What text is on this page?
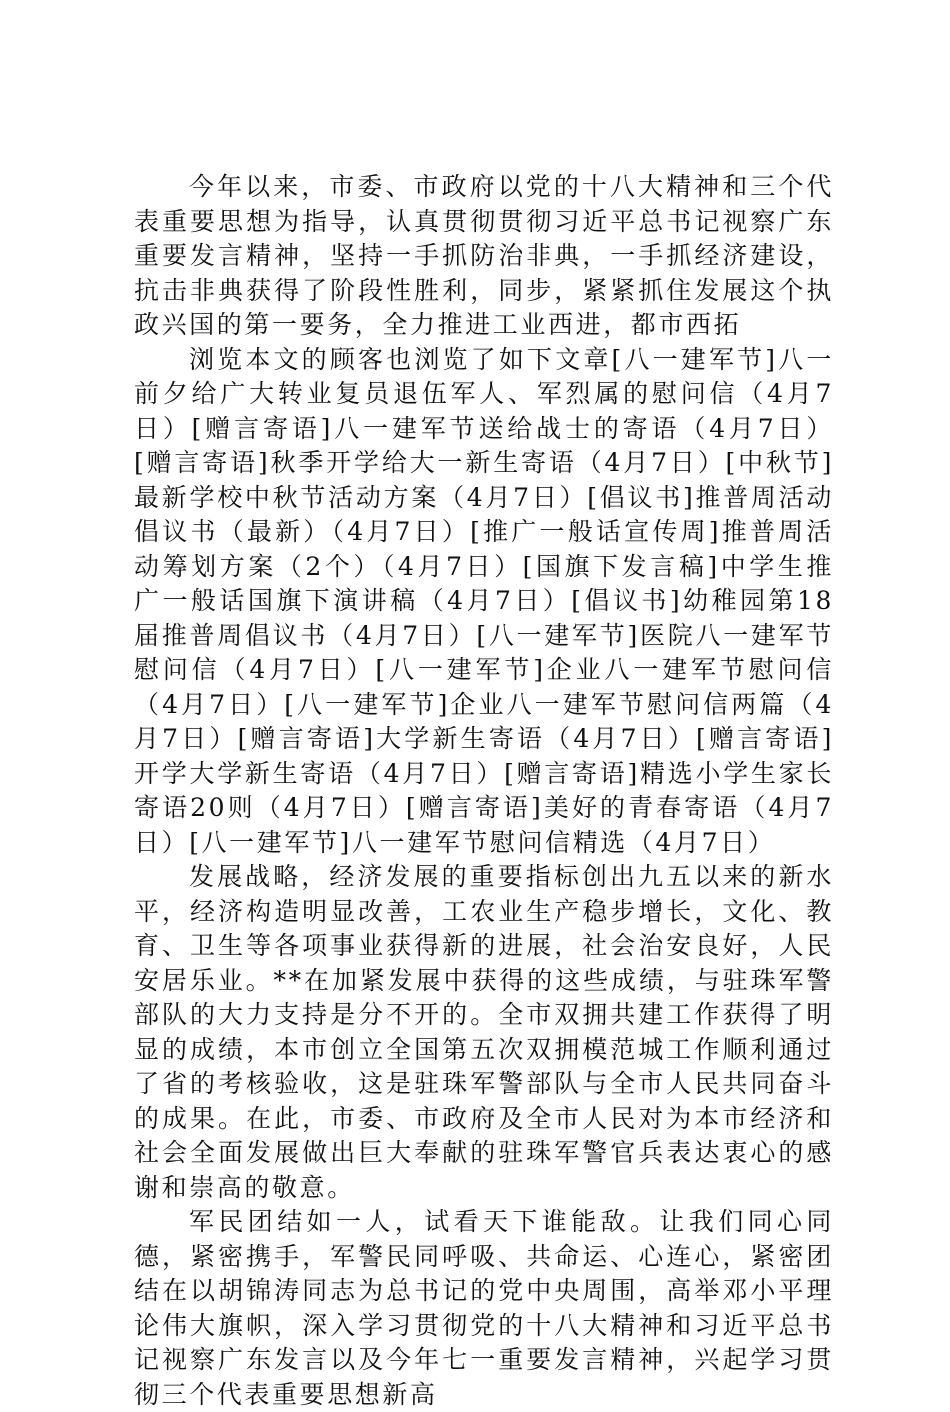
今年以来，市委、市政府以党的十八大精神和三个代表重要思想为指导，认真贯彻贯彻习近平总书记视察广东重要发言精神，坚持一手抓防治非典，一手抓经济建设，抗击非典获得了阶段性胜利，同步，紧紧抓住发展这个执政兴国的第一要务，全力推进工业西进，都市西拓

浏览本文的顾客也浏览了如下文章[八一建军节]八一前夕给广大转业复员退伍军人、军烈属的慰问信（4月7日）[赠言寄语]八一建军节送给战士的寄语（4月7日）[赠言寄语]秋季开学给大一新生寄语（4月7日）[中秋节]最新学校中秋节活动方案（4月7日）[倡议书]推普周活动倡议书（最新）（4月7日）[推广一般话宣传周]推普周活动筹划方案（2个）（4月7日）[国旗下发言稿]中学生推广一般话国旗下演讲稿（4月7日）[倡议书]幼稚园第18届推普周倡议书（4月7日）[八一建军节]医院八一建军节慰问信（4月7日）[八一建军节]企业八一建军节慰问信（4月7日）[八一建军节]企业八一建军节慰问信两篇（4月7日）[赠言寄语]大学新生寄语（4月7日）[赠言寄语]开学大学新生寄语（4月7日）[赠言寄语]精选小学生家长寄语20则（4月7日）[赠言寄语]美好的青春寄语（4月7日）[八一建军节]八一建军节慰问信精选（4月7日）

发展战略，经济发展的重要指标创出九五以来的新水平，经济构造明显改善，工农业生产稳步增长，文化、教育、卫生等各项事业获得新的进展，社会治安良好，人民安居乐业。**在加紧发展中获得的这些成绩，与驻珠军警部队的大力支持是分不开的。全市双拥共建工作获得了明显的成绩，本市创立全国第五次双拥模范城工作顺利通过了省的考核验收，这是驻珠军警部队与全市人民共同奋斗的成果。在此，市委、市政府及全市人民对为本市经济和社会全面发展做出巨大奉献的驻珠军警官兵表达衷心的感谢和崇高的敬意。

军民团结如一人，试看天下谁能敌。让我们同心同德，紧密携手，军警民同呼吸、共命运、心连心，紧密团结在以胡锦涛同志为总书记的党中央周围，高举邓小平理论伟大旗帜，深入学习贯彻党的十八大精神和习近平总书记视察广东发言以及今年七一重要发言精神，兴起学习贯彻三个代表重要思想新高
